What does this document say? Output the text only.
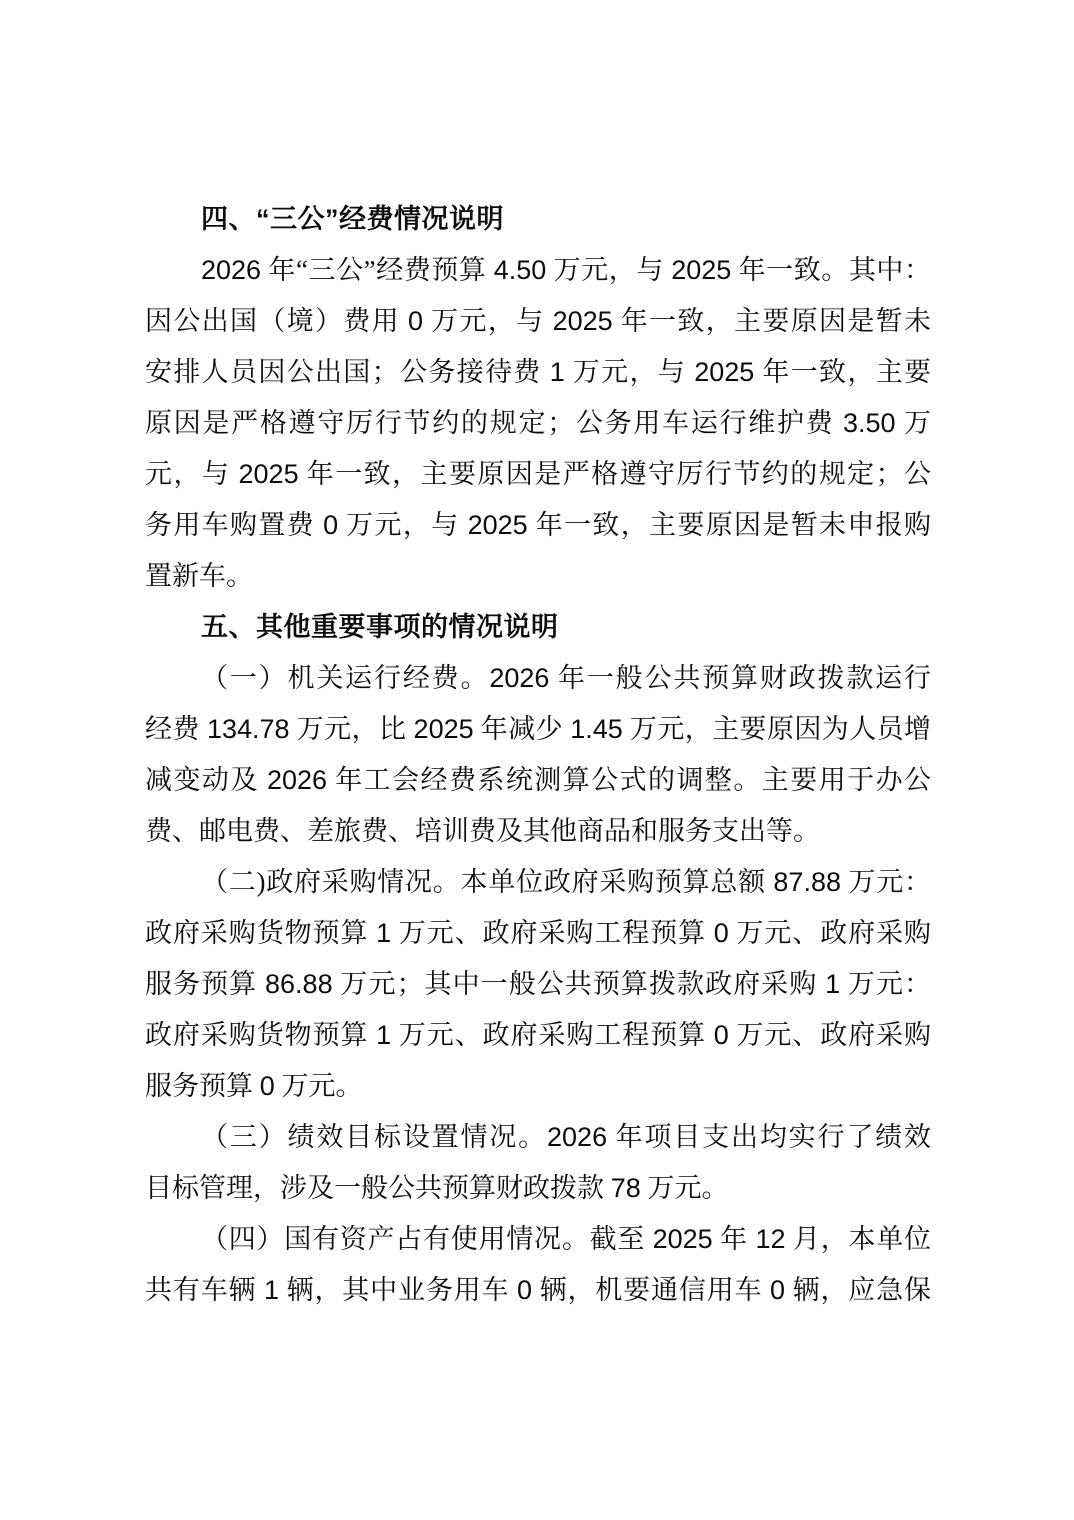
四、“三公”经费情况说明
2026 年“三公”经费预算 4.50 万元，与 2025 年一致。其中：
因公出国（境）费用 0 万元，与 2025 年一致，主要原因是暂未
安排人员因公出国；公务接待费 1 万元，与 2025 年一致，主要
原因是严格遵守厉行节约的规定；公务用车运行维护费 3.50 万
元，与 2025 年一致，主要原因是严格遵守厉行节约的规定；公
务用车购置费 0 万元，与 2025 年一致，主要原因是暂未申报购
置新车。
五、其他重要事项的情况说明
（一）机关运行经费。2026 年一般公共预算财政拨款运行
经费 134.78 万元，比 2025 年减少 1.45 万元，主要原因为人员增
减变动及 2026 年工会经费系统测算公式的调整。主要用于办公
费、邮电费、差旅费、培训费及其他商品和服务支出等。
（二)政府采购情况。本单位政府采购预算总额 87.88 万元：
政府采购货物预算 1 万元、政府采购工程预算 0 万元、政府采购
服务预算 86.88 万元；其中一般公共预算拨款政府采购 1 万元：
政府采购货物预算 1 万元、政府采购工程预算 0 万元、政府采购
服务预算 0 万元。
（三）绩效目标设置情况。2026 年项目支出均实行了绩效
目标管理，涉及一般公共预算财政拨款 78 万元。
（四）国有资产占有使用情况。截至 2025 年 12 月，本单位
共有车辆 1 辆，其中业务用车 0 辆，机要通信用车 0 辆，应急保
